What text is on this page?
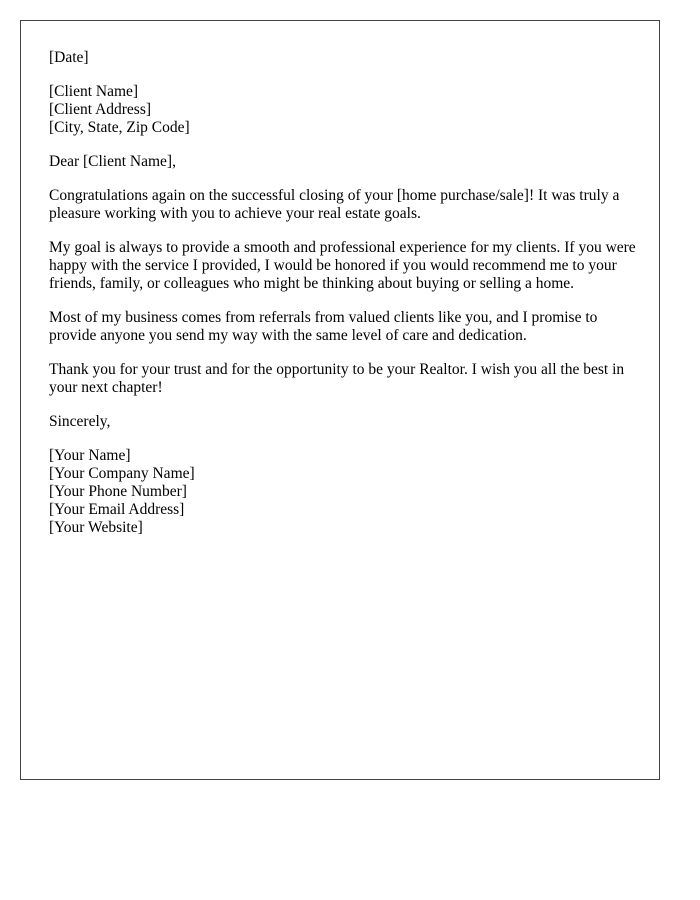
[Date]

[Client Name]
[Client Address]
[City, State, Zip Code]

Dear [Client Name],

Congratulations again on the successful closing of your [home purchase/sale]! It was truly a pleasure working with you to achieve your real estate goals.

My goal is always to provide a smooth and professional experience for my clients. If you were happy with the service I provided, I would be honored if you would recommend me to your friends, family, or colleagues who might be thinking about buying or selling a home.

Most of my business comes from referrals from valued clients like you, and I promise to provide anyone you send my way with the same level of care and dedication.

Thank you for your trust and for the opportunity to be your Realtor. I wish you all the best in your next chapter!

Sincerely,

[Your Name]
[Your Company Name]
[Your Phone Number]
[Your Email Address]
[Your Website]
